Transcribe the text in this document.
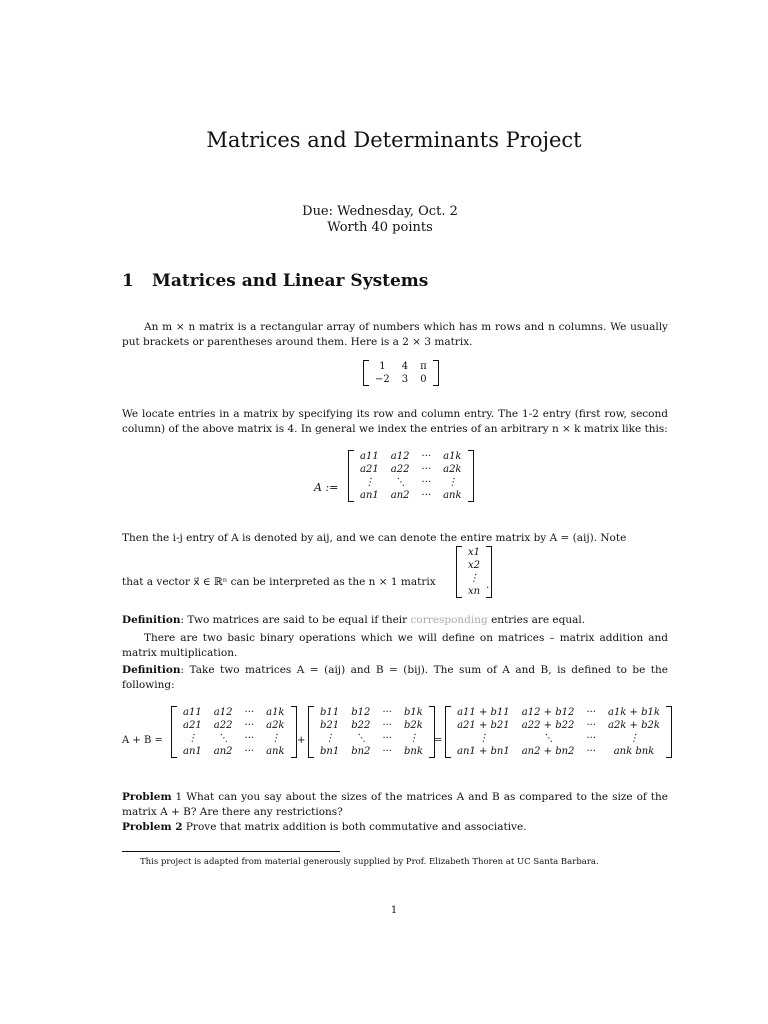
Matrices and Determinants Project
Due: Wednesday, Oct. 2
Worth 40 points
1 Matrices and Linear Systems
An m × n matrix is a rectangular array of numbers which has m rows and n columns. We usually put brackets or parentheses around them. Here is a 2 × 3 matrix.
1	4	π
−2	3	0
We locate entries in a matrix by specifying its row and column entry. The 1-2 entry (first row, second column) of the above matrix is 4. In general we index the entries of an arbitrary n × k matrix like this:
A :=
a11	a12	···	a1k
a21	a22	···	a2k
⋮	⋱	···	⋮
an1	an2	···	ank
Then the i-j entry of A is denoted by aij, and we can denote the entire matrix by A = (aij). Note
that a vector x⃗ ∈ ℝⁿ can be interpreted as the n × 1 matrix
x1
x2
⋮
xn
.
Definition: Two matrices are said to be equal if their corresponding entries are equal.
There are two basic binary operations which we will define on matrices – matrix addition and matrix multiplication.
Definition: Take two matrices A = (aij) and B = (bij). The sum of A and B, is defined to be the following:
A + B =
a11	a12	···	a1k
a21	a22	···	a2k
⋮	⋱	···	⋮
an1	an2	···	ank
+
b11	b12	···	b1k
b21	b22	···	b2k
⋮	⋱	···	⋮
bn1	bn2	···	bnk
=
a11 + b11	a12 + b12	···	a1k + b1k
a21 + b21	a22 + b22	···	a2k + b2k
⋮	⋱	···	⋮
an1 + bn1	an2 + bn2	···	ank bnk
Problem 1 What can you say about the sizes of the matrices A and B as compared to the size of the matrix A + B? Are there any restrictions?
Problem 2 Prove that matrix addition is both commutative and associative.
This project is adapted from material generously supplied by Prof. Elizabeth Thoren at UC Santa Barbara.
1
